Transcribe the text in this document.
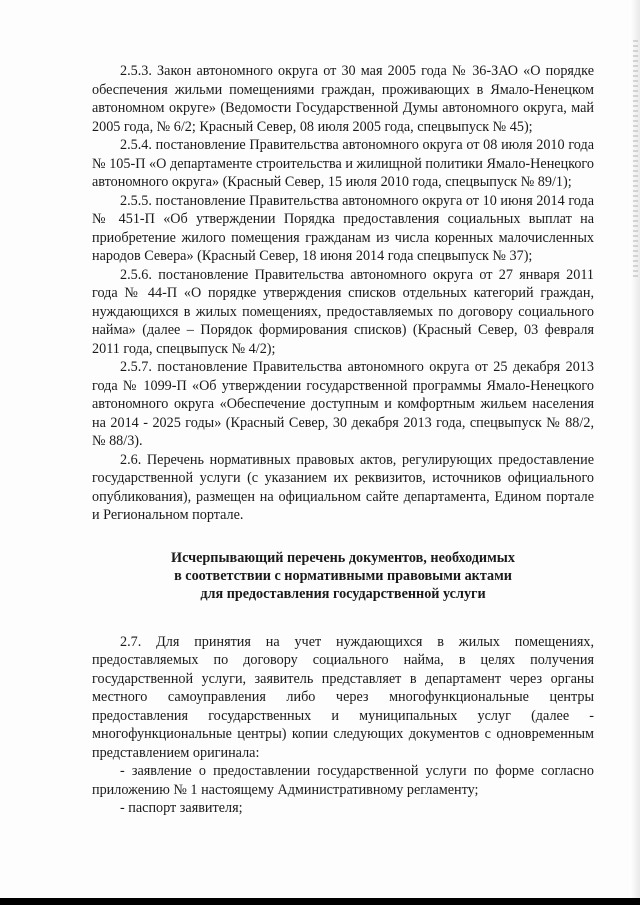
2.5.3. Закон автономного округа от 30 мая 2005 года № 36-ЗАО «О порядке обеспечения жильми помещениями граждан, проживающих в Ямало-Ненецком автономном округе» (Ведомости Государственной Думы автономного округа, май 2005 года, № 6/2; Красный Север, 08 июля 2005 года, спецвыпуск № 45);

2.5.4. постановление Правительства автономного округа от 08 июля 2010 года № 105-П «О департаменте строительства и жилищной политики Ямало-Ненецкого автономного округа» (Красный Север, 15 июля 2010 года, спецвыпуск № 89/1);

2.5.5. постановление Правительства автономного округа от 10 июня 2014 года № 451-П «Об утверждении Порядка предоставления социальных выплат на приобретение жилого помещения гражданам из числа коренных малочисленных народов Севера» (Красный Север, 18 июня 2014 года спецвыпуск № 37);

2.5.6. постановление Правительства автономного округа от 27 января 2011 года № 44-П «О порядке утверждения списков отдельных категорий граждан, нуждающихся в жилых помещениях, предоставляемых по договору социального найма» (далее – Порядок формирования списков) (Красный Север, 03 февраля 2011 года, спецвыпуск № 4/2);

2.5.7. постановление Правительства автономного округа от 25 декабря 2013 года № 1099-П «Об утверждении государственной программы Ямало-Ненецкого автономного округа «Обеспечение доступным и комфортным жильем населения на 2014 - 2025 годы» (Красный Север, 30 декабря 2013 года, спецвыпуск № 88/2, № 88/3).

2.6. Перечень нормативных правовых актов, регулирующих предоставление государственной услуги (с указанием их реквизитов, источников официального опубликования), размещен на официальном сайте департамента, Едином портале и Региональном портале.

Исчерпывающий перечень документов, необходимых
в соответствии с нормативными правовыми актами
для предоставления государственной услуги

2.7. Для принятия на учет нуждающихся в жилых помещениях, предоставляемых по договору социального найма, в целях получения государственной услуги, заявитель представляет в департамент через органы местного самоуправления либо через многофункциональные центры предоставления государственных и муниципальных услуг (далее - многофункциональные центры) копии следующих документов с одновременным представлением оригинала:

- заявление о предоставлении государственной услуги по форме согласно приложению № 1 настоящему Административному регламенту;

- паспорт заявителя;
